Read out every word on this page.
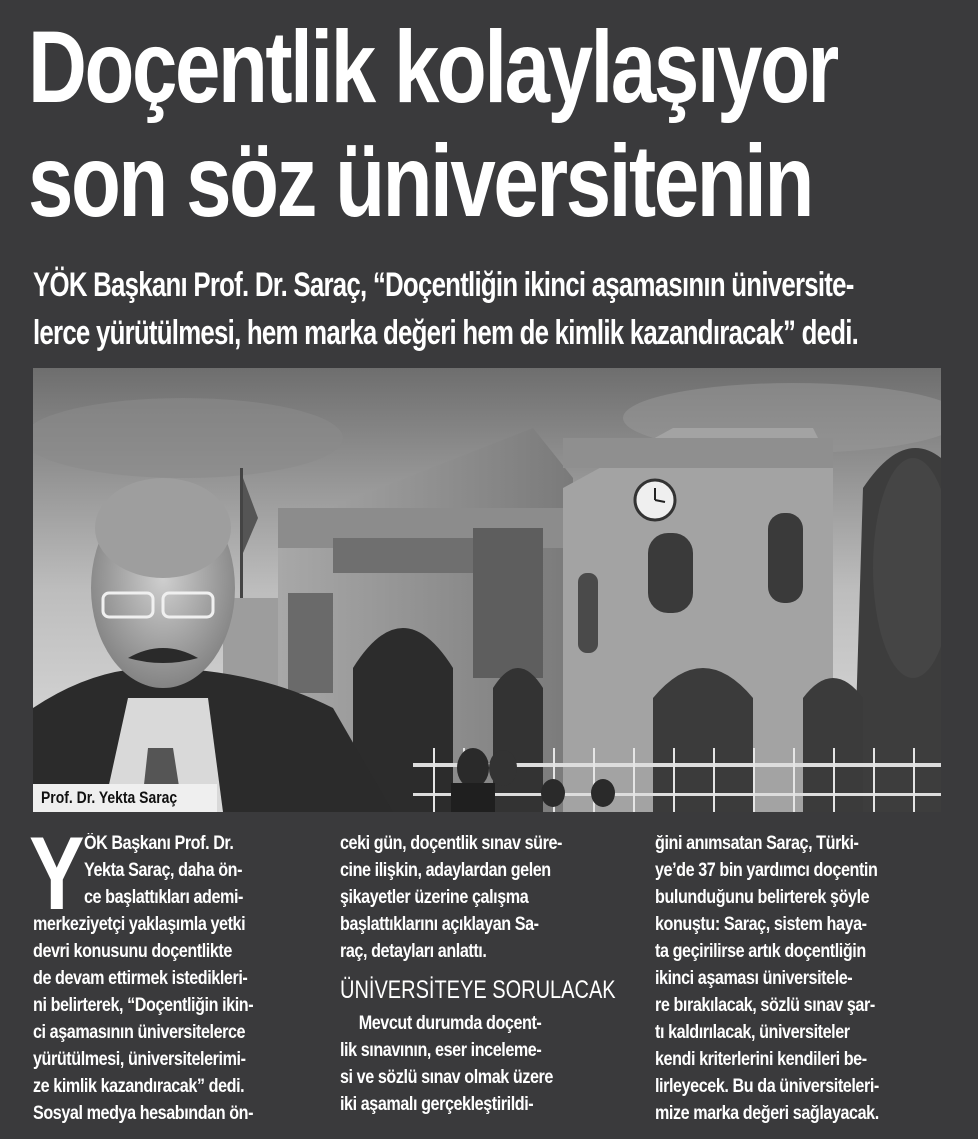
Doçentlik kolaylaşıyor
son söz üniversitenin
YÖK Başkanı Prof. Dr. Saraç, “Doçentliğin ikinci aşamasının üniversite-
lerce yürütülmesi, hem marka değeri hem de kimlik kazandıracak” dedi.
Prof. Dr. Yekta Saraç
Y ÖK Başkanı Prof. Dr.
Yekta Saraç, daha ön-
ce başlattıkları ademi-
merkeziyetçi yaklaşımla yetki
devri konusunu doçentlikte
de devam ettirmek istedikleri-
ni belirterek, “Doçentliğin ikin-
ci aşamasının üniversitelerce
yürütülmesi, üniversitelerimi-
ze kimlik kazandıracak” dedi.
Sosyal medya hesabından ön-
ceki gün, doçentlik sınav süre-
cine ilişkin, adaylardan gelen
şikayetler üzerine çalışma
başlattıklarını açıklayan Sa-
raç, detayları anlattı.
ÜNİVERSİTEYE SORULACAK
Mevcut durumda doçent-
lik sınavının, eser inceleme-
si ve sözlü sınav olmak üzere
iki aşamalı gerçekleştirildi-
ğini anımsatan Saraç, Türki-
ye’de 37 bin yardımcı doçentin
bulunduğunu belirterek şöyle
konuştu: Saraç, sistem haya-
ta geçirilirse artık doçentliğin
ikinci aşaması üniversitele-
re bırakılacak, sözlü sınav şar-
tı kaldırılacak, üniversiteler
kendi kriterlerini kendileri be-
lirleyecek. Bu da üniversiteleri-
mize marka değeri sağlayacak.
